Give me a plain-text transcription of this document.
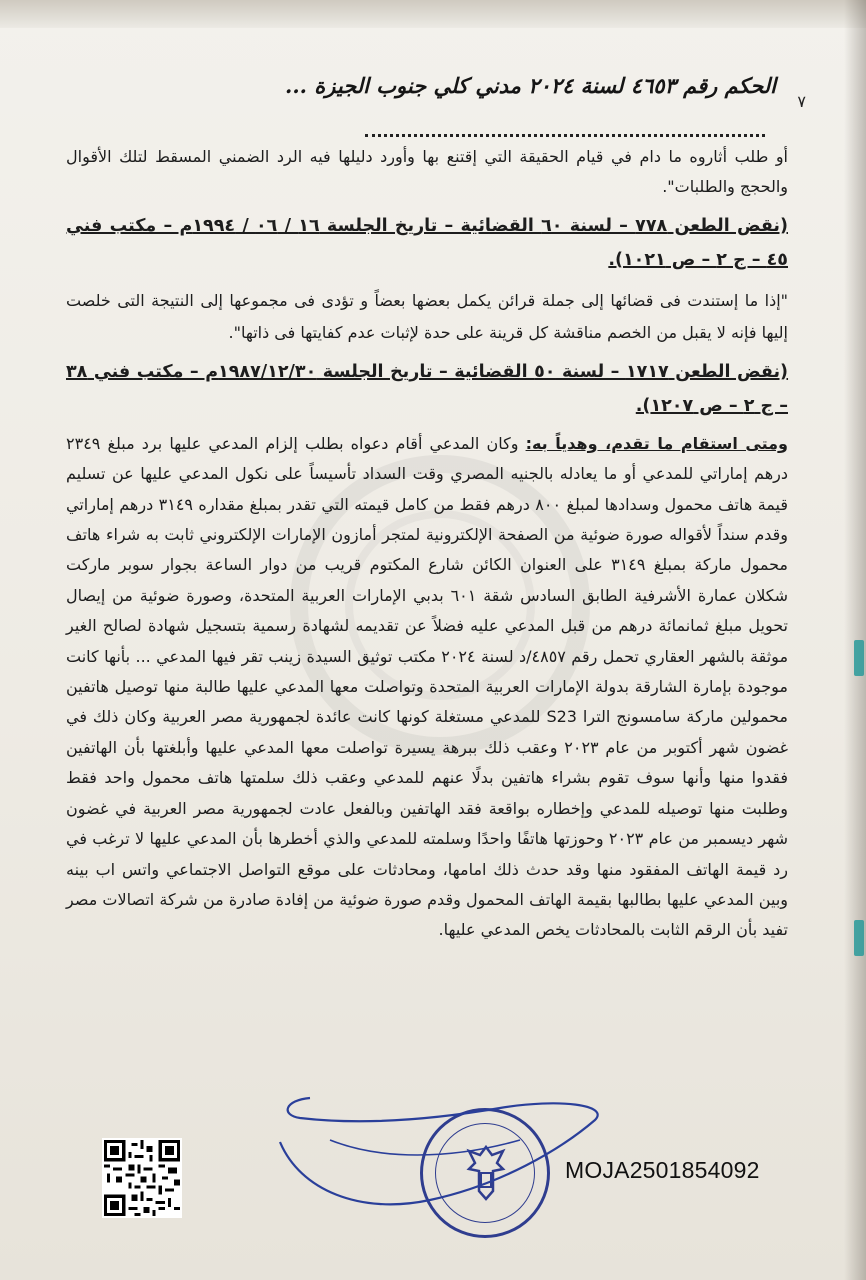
الحكم رقم ٤٦٥٣ لسنة ٢٠٢٤ مدني كلي جنوب الجيزة ...
٧

أو طلب أثاروه ما دام في قيام الحقيقة التي إقتنع بها وأورد دليلها فيه الرد الضمني المسقط لتلك الأقوال والحجج والطلبات".

(نقض الطعن ٧٧٨ – لسنة ٦٠ القضائية – تاريخ الجلسة ١٦ / ٠٦ / ١٩٩٤م – مكتب فني ٤٥ – ج ٢ – ص ١٠٢١).

"إذا ما إستندت فى قضائها إلى جملة قرائن يكمل بعضها بعضاً و تؤدى فى مجموعها إلى النتيجة التى خلصت إليها فإنه لا يقبل من الخصم مناقشة كل قرينة على حدة لإثبات عدم كفايتها فى ذاتها".

(نقض الطعن ١٧١٧ – لسنة ٥٠ القضائية – تاريخ الجلسة ١٩٨٧/١٢/٣٠م – مكتب فني ٣٨ – ج ٢ – ص ١٢٠٧).

ومتى استقام ما تقدم، وهدياً به: وكان المدعي أقام دعواه بطلب إلزام المدعي عليها برد مبلغ ٢٣٤٩ درهم إماراتي للمدعي أو ما يعادله بالجنيه المصري وقت السداد تأسيساً على نكول المدعي عليها عن تسليم قيمة هاتف محمول وسدادها لمبلغ ٨٠٠ درهم فقط من كامل قيمته التي تقدر بمبلغ مقداره ٣١٤٩ درهم إماراتي وقدم سنداً لأقواله صورة ضوئية من الصفحة الإلكترونية لمتجر أمازون الإمارات الإلكتروني ثابت به شراء هاتف محمول ماركة بمبلغ ٣١٤٩ على العنوان الكائن شارع المكتوم قريب من دوار الساعة بجوار سوبر ماركت شكلان عمارة الأشرفية الطابق السادس شقة ٦٠١ بدبي الإمارات العربية المتحدة، وصورة ضوئية من إيصال تحويل مبلغ ثمانمائة درهم من قبل المدعي عليه فضلاً عن تقديمه لشهادة رسمية بتسجيل شهادة لصالح الغير موثقة بالشهر العقاري تحمل رقم ٤٨٥٧/د لسنة ٢٠٢٤ مكتب توثيق السيدة زينب تقر فيها المدعي ... بأنها كانت موجودة بإمارة الشارقة بدولة الإمارات العربية المتحدة وتواصلت معها المدعي عليها طالبة منها توصيل هاتفين محمولين ماركة سامسونج الترا S23 للمدعي مستغلة كونها كانت عائدة لجمهورية مصر العربية وكان ذلك في غضون شهر أكتوبر من عام ٢٠٢٣ وعقب ذلك ببرهة يسيرة تواصلت معها المدعي عليها وأبلغتها بأن الهاتفين فقدوا منها وأنها سوف تقوم بشراء هاتفين بدلًا عنهم للمدعي وعقب ذلك سلمتها هاتف محمول واحد فقط وطلبت منها توصيله للمدعي وإخطاره بواقعة فقد الهاتفين وبالفعل عادت لجمهورية مصر العربية في غضون شهر ديسمبر من عام ٢٠٢٣ وحوزتها هاتفًا واحدًا وسلمته للمدعي والذي أخطرها بأن المدعي عليها لا ترغب في رد قيمة الهاتف المفقود منها وقد حدث ذلك امامها، ومحادثات على موقع التواصل الاجتماعي واتس اب بينه وبين المدعي عليها بطالبها بقيمة الهاتف المحمول وقدم صورة ضوئية من إفادة صادرة من شركة اتصالات مصر تفيد بأن الرقم الثابت بالمحادثات يخص المدعي عليها.

MOJA2501854092
